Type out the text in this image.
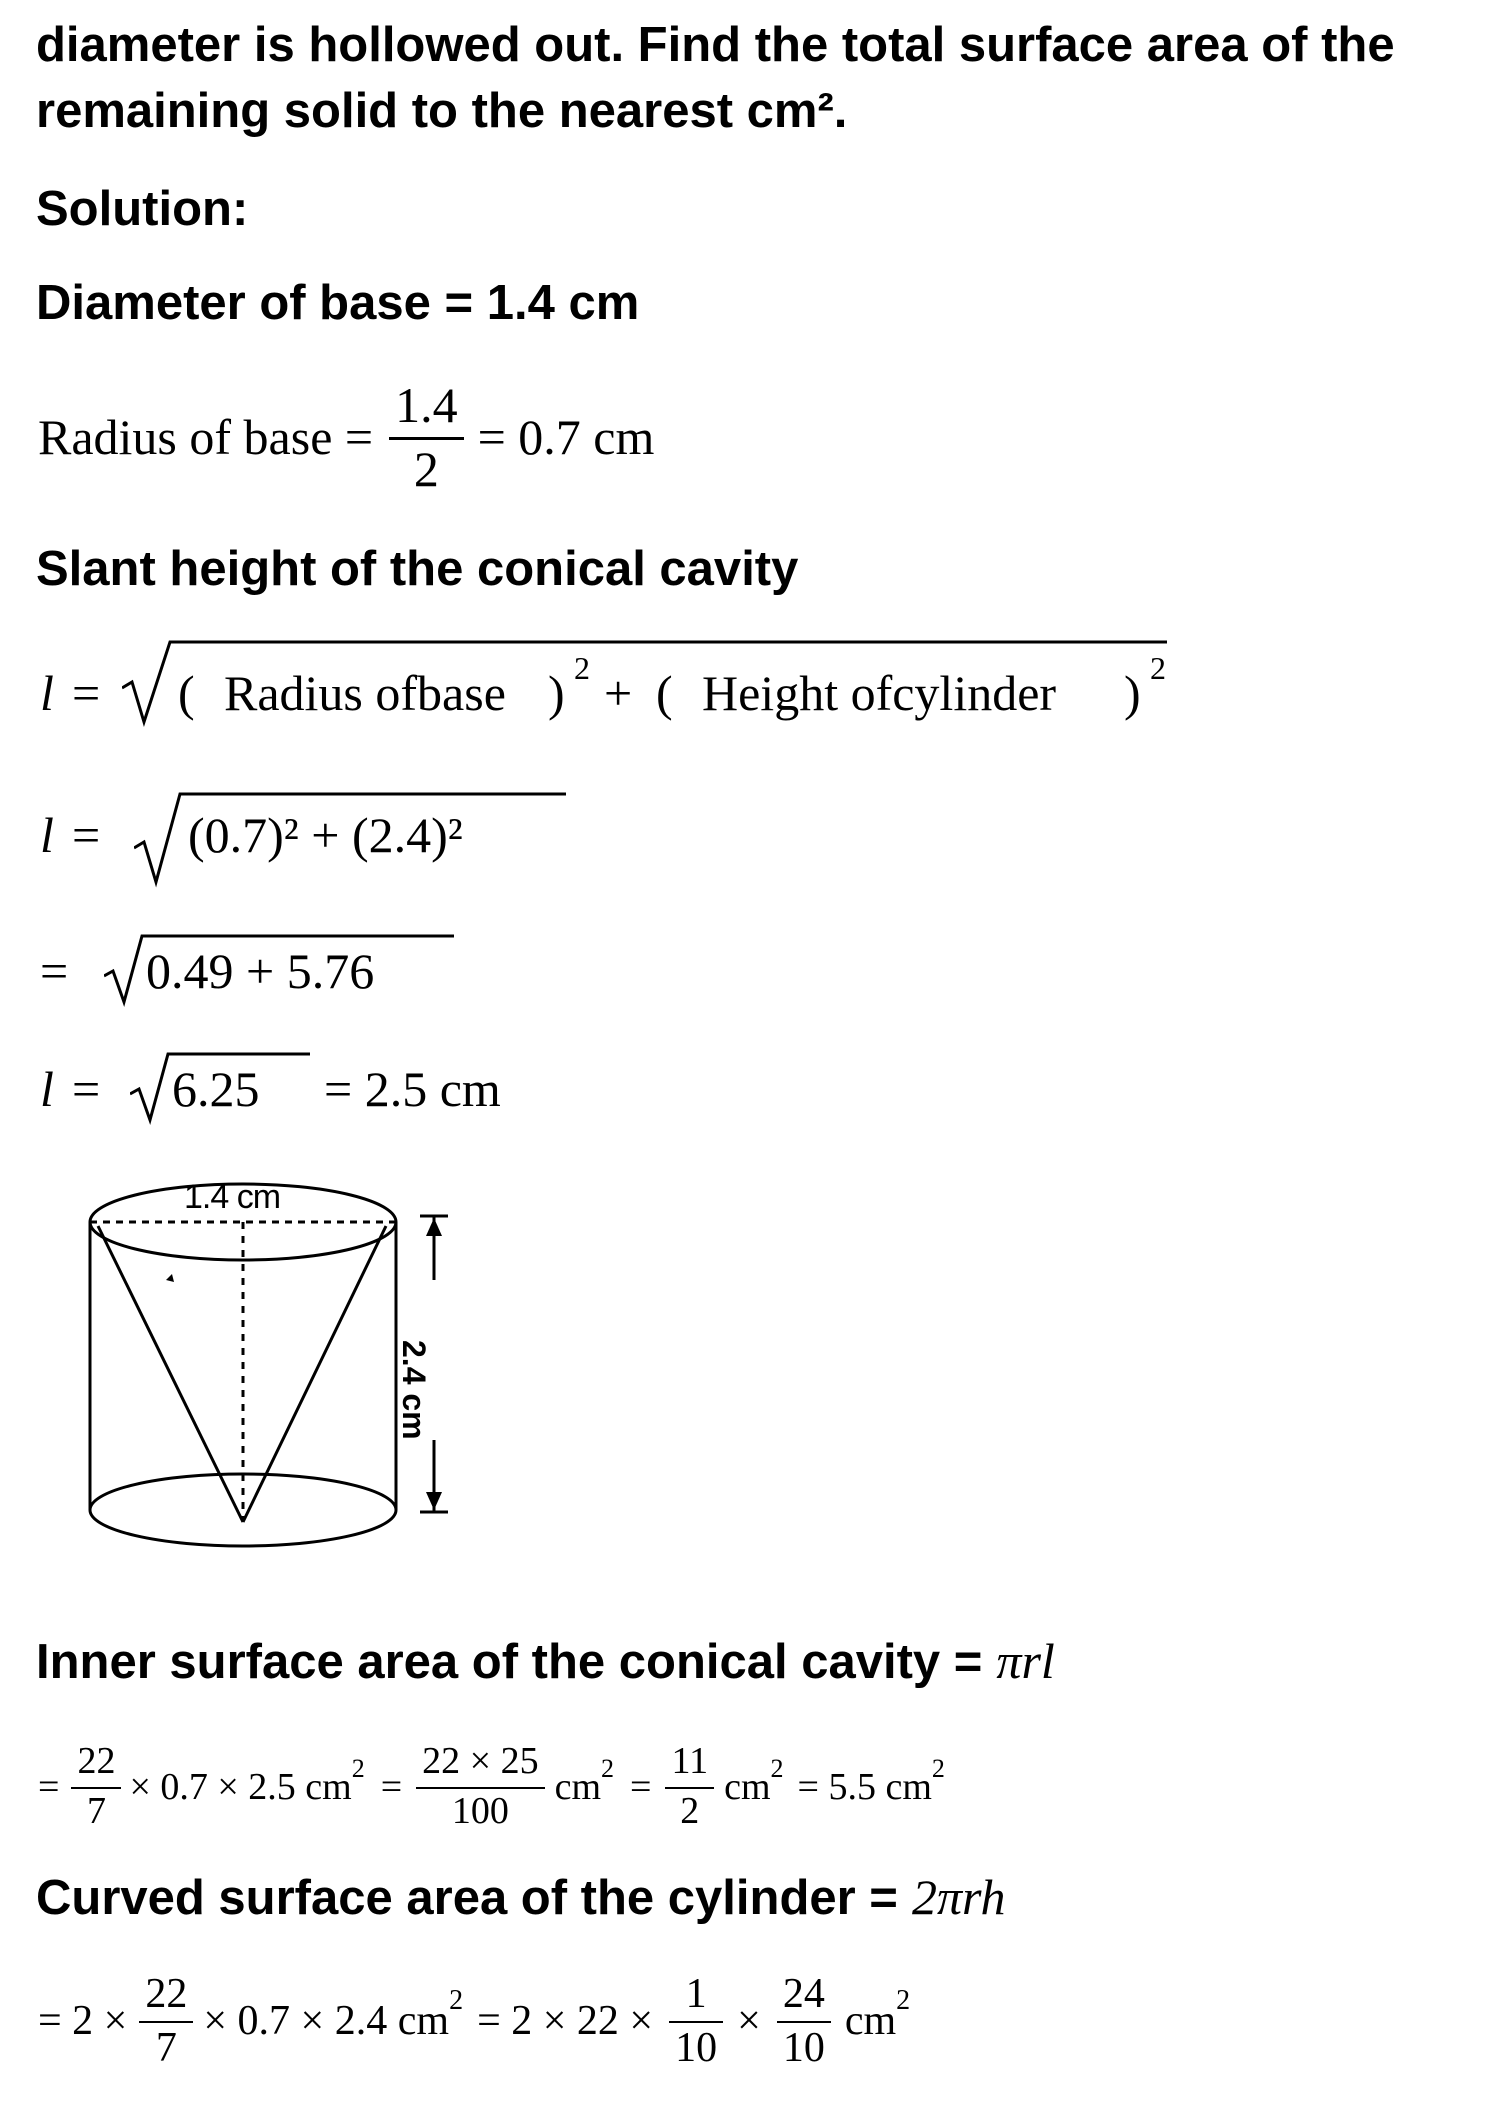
diameter is hollowed out. Find the total surface area of the
remaining solid to the nearest cm².
Solution:
Diameter of base = 1.4 cm
Radius of base = $\frac{1.4}{2} = 0.7$ cm
Slant height of the conical cavity
l = ( Radius ofbase ) 2 + ( Height ofcylinder ) 2
l = (0.7)² + (2.4)²
= 0.49 + 5.76
l = 6.25 = 2.5 cm
1.4 cm
2.4 cm
Inner surface area of the conical cavity = πrl
= $\frac{22}{7} \times 0.7 \times 2.5$ cm $2 = \frac{22 \times 25}{100}$ cm $2 = \frac{11}{2}$ cm 2 = 5.5 cm 2
Curved surface area of the cylinder = 2πrh
= $2 \times \frac{22}{7} \times 0.7 \times 2.4$ cm $2 = 2 \times 22 \times \frac{1}{10} \times \frac{24}{10}$ cm 2
